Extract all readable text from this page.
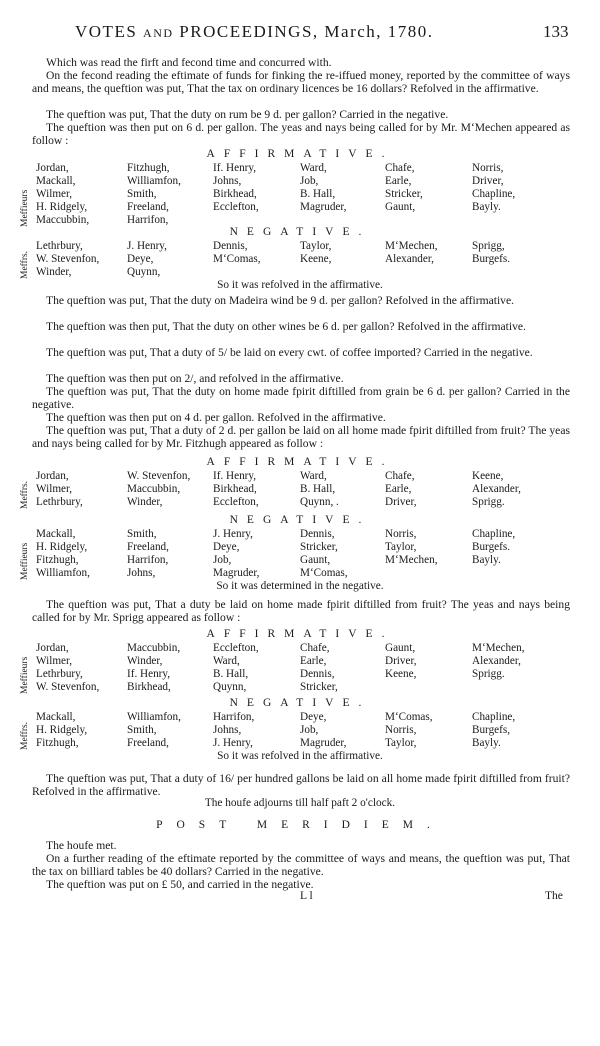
VOTES AND PROCEEDINGS, March, 1780.	133
Which was read the firft and fecond time and concurred with.
On the fecond reading the eftimate of funds for finking the re-iffued money, reported by the committee of ways and means, the queftion was put, That the tax on ordinary licences be 16 dollars? Refolved in the affirmative.
The queftion was put, That the duty on rum be 9 d. per gallon? Carried in the negative.
The queftion was then put on 6 d. per gallon. The yeas and nays being called for by Mr. M‘Mechen appeared as follow :
AFFIRMATIVE.
Meffieurs
Jordan,	Fitzhugh,	If. Henry,	Ward,	Chafe,	Norris,
Mackall,	Williamfon,	Johns,	Job,	Earle,	Driver,
Wilmer,	Smith,	Birkhead,	B. Hall,	Stricker,	Chapline,
H. Ridgely,	Freeland,	Ecclefton,	Magruder,	Gaunt,	Bayly.
Maccubbin,	Harrifon,
NEGATIVE.
Meffrs.
Lethrbury,	J. Henry,	Dennis,	Taylor,	M‘Mechen,	Sprigg,
W. Stevenfon, Deye,	M‘Comas,	Keene,	Alexander,	Burgefs.
Winder,	Quynn,
So it was refolved in the affirmative.
The queftion was put, That the duty on Madeira wind be 9 d. per gallon? Refolved in the affirmative.
The queftion was then put, That the duty on other wines be 6 d. per gallon? Refolved in the affirmative.
The queftion was put, That a duty of 5/ be laid on every cwt. of coffee imported? Carried in the negative.
The queftion was then put on 2/, and refolved in the affirmative.
The queftion was put, That the duty on home made fpirit diftilled from grain be 6 d. per gallon? Carried in the negative.
The queftion was then put on 4 d. per gallon. Refolved in the affirmative.
The queftion was put, That a duty of 2 d. per gallon be laid on all home made fpirit diftilled from fruit? The yeas and nays being called for by Mr. Fitzhugh appeared as follow :
AFFIRMATIVE.
Meffrs.
Jordan,	W. Stevenfon, If. Henry,	Ward,	Chafe,	Keene,
Wilmer,	Maccubbin,	Birkhead,	B. Hall,	Earle,	Alexander,
Lethrbury,	Winder,	Ecclefton,	Quynn, .	Driver,	Sprigg.
NEGATIVE.
Meffieurs
Mackall,	Smith,	J. Henry,	Dennis,	Norris,	Chapline,
H. Ridgely,	Freeland,	Deye,	Stricker,	Taylor,	Burgefs.
Fitzhugh,	Harrifon,	Job,	Gaunt,	M‘Mechen,	Bayly.
Williamfon,	Johns,	Magruder,	M‘Comas,
So it was determined in the negative.
The queftion was put, That a duty be laid on home made fpirit diftilled from fruit? The yeas and nays being called for by Mr. Sprigg appeared as follow :
AFFIRMATIVE.
Meffieurs
Jordan,	Maccubbin,	Ecclefton,	Chafe,	Gaunt,	M‘Mechen,
Wilmer,	Winder,	Ward,	Earle,	Driver,	Alexander,
Lethrbury,	If. Henry,	B. Hall,	Dennis,	Keene,	Sprigg.
W. Stevenfon, Birkhead,	Quynn,	Stricker,
NEGATIVE.
Meffrs.
Mackall,	Williamfon,	Harrifon,	Deye,	M‘Comas,	Chapline,
H. Ridgely,	Smith,	Johns,	Job,	Norris,	Burgefs,
Fitzhugh,	Freeland,	J. Henry,	Magruder,	Taylor,	Bayly.
So it was refolved in the affirmative.
The queftion was put, That a duty of 16/ per hundred gallons be laid on all home made fpirit diftilled from fruit? Refolved in the affirmative.
The houfe adjourns till half paft 2 o'clock.
POST MERIDIEM.
The houfe met.
On a further reading of the eftimate reported by the committee of ways and means, the queftion was put, That the tax on billiard tables be 40 dollars? Carried in the negative.
The queftion was put on £ 50, and carried in the negative.
L l	The
